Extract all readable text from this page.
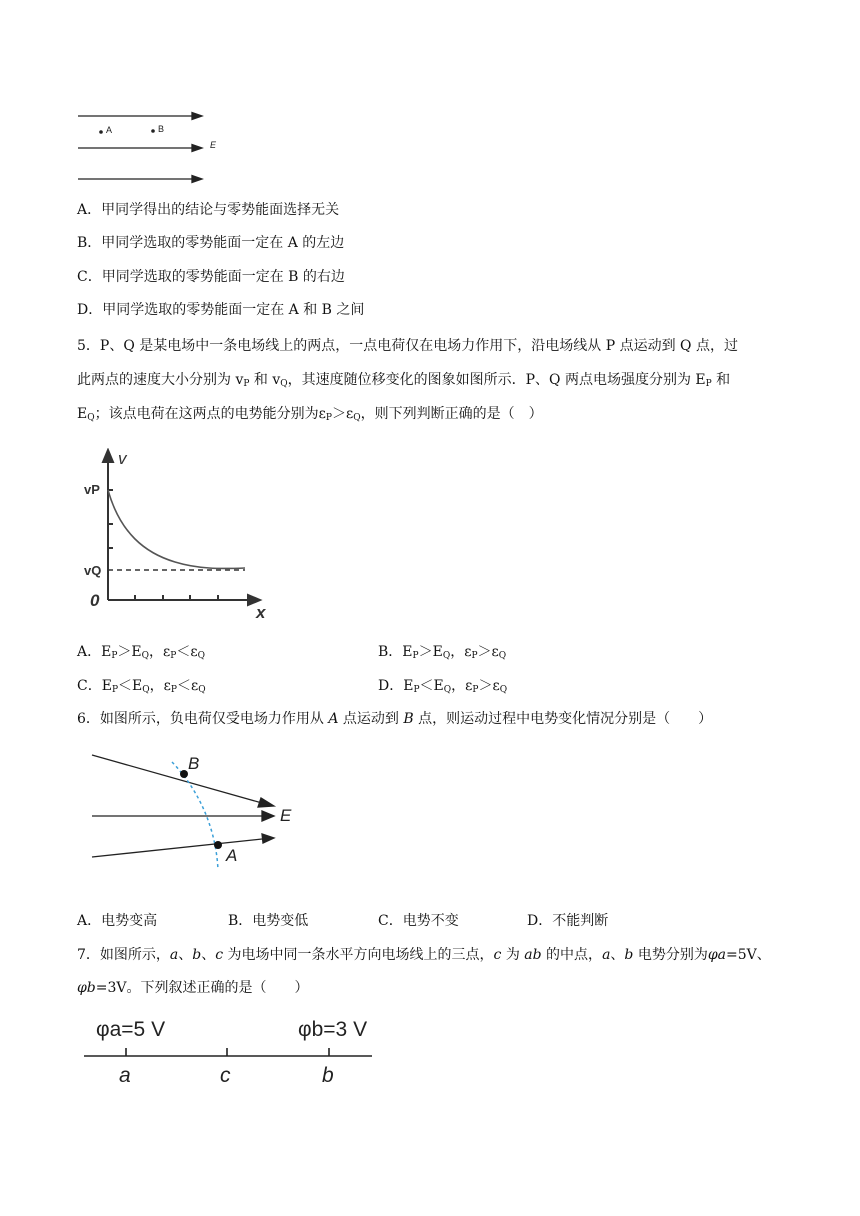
A	B
E
A．甲同学得出的结论与零势能面选择无关
B．甲同学选取的零势能面一定在 A 的左边
C．甲同学选取的零势能面一定在 B 的右边
D．甲同学选取的零势能面一定在 A 和 B 之间
5．P、Q 是某电场中一条电场线上的两点，一点电荷仅在电场力作用下，沿电场线从 P 点运动到 Q 点，过
此两点的速度大小分别为 $v_P$ 和 $v_Q$，其速度随位移变化的图象如图所示．P、Q 两点电场强度分别为 $E_P$ 和
$E_Q$；该点电荷在这两点的电势能分别为$\varepsilon_P>\varepsilon_Q$，则下列判断正确的是（　）
v
x
vP
vQ
0
A．$E_P>E_Q$，$\varepsilon_P<\varepsilon_Q$	B．$E_P>E_Q$，$\varepsilon_P>\varepsilon_Q$
C．$E_P<E_Q$，$\varepsilon_P<\varepsilon_Q$	D．$E_P<E_Q$，$\varepsilon_P>\varepsilon_Q$
6．如图所示，负电荷仅受电场力作用从 A 点运动到 B 点，则运动过程中电势变化情况分别是（　　）
B
A
E
A．电势变高	B．电势变低	C．电势不变	D．不能判断
7．如图所示，a、b、c 为电场中同一条水平方向电场线上的三点，c 为 ab 的中点，a、b 电势分别为φa=5V、
φb=3V。下列叙述正确的是（　　）
φa=5 V	φb=3 V
a	c	b
